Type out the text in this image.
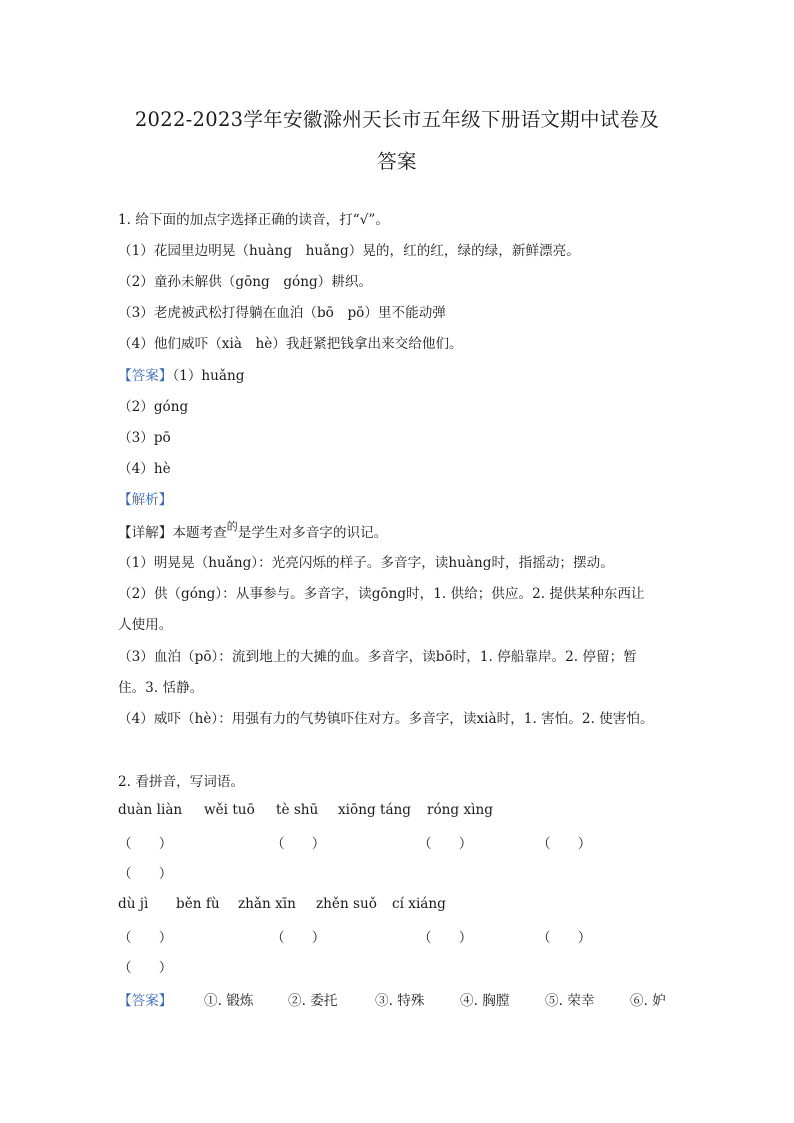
2022-2023学年安徽滁州天长市五年级下册语文期中试卷及
答案
1. 给下面的加点字选择正确的读音，打“√”。
（1）花园里边明晃（huàng　huǎng）晃的，红的红，绿的绿，新鲜漂亮。
（2）童孙未解供（gōng　góng）耕织。
（3）老虎被武松打得躺在血泊（bō　pō）里不能动弹
（4）他们威吓（xià　hè）我赶紧把钱拿出来交给他们。
【答案】（1）huǎng
（2）góng
（3）pō
（4）hè
【解析】
【详解】本题考查$^的$是学生对多音字的识记。
（1）明晃晃（huǎng）：光亮闪烁的样子。多音字，读huàng时，指摇动；摆动。
（2）供（góng）：从事参与。多音字，读gōng时，1. 供给；供应。2. 提供某种东西让
人使用。
（3）血泊（pō）：流到地上的大摊的血。多音字，读bō时，1. 停船靠岸。2. 停留；暂
住。3. 恬静。
（4）威吓（hè）：用强有力的气势镇吓住对方。多音字，读xià时，1. 害怕。2. 使害怕。
2. 看拼音，写词语。
duàn liàn wěi tuō tè shū xiōng táng róng xìng
（　　）	（　　）	（　　）	（　　）
（　　）
dù jì běn fù zhǎn xīn zhěn suǒ cí xiáng
（　　）	（　　）	（　　）	（　　）
（　　）
【答案】 ①. 锻炼	②. 委托	③. 特殊	④. 胸膛	⑤. 荣幸	⑥. 妒
